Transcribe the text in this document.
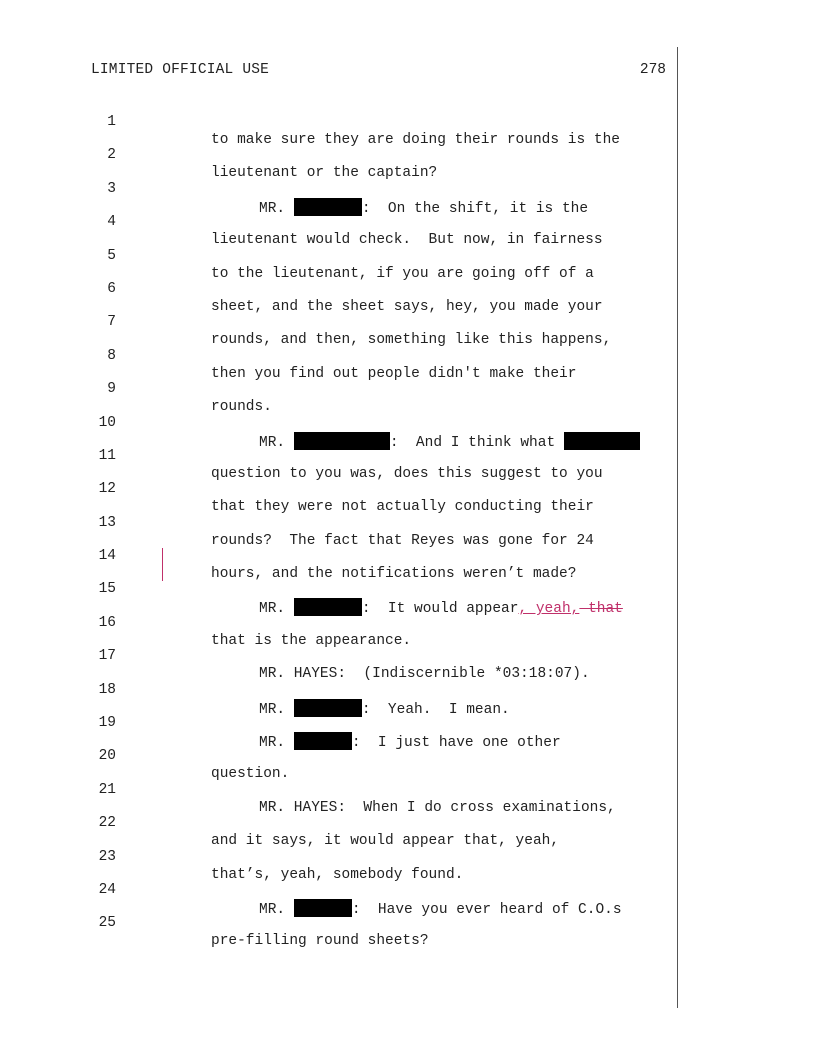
LIMITED OFFICIAL USE	278

1

to make sure they are doing their rounds is the

2

lieutenant or the captain?

3

MR.	:  On the shift, it is the

4

lieutenant would check.  But now, in fairness

5

to the lieutenant, if you are going off of a

6

sheet, and the sheet says, hey, you made your

7

rounds, and then, something like this happens,

8

then you find out people didn't make their

9

rounds.

10

MR.	:  And I think what

11

question to you was, does this suggest to you

12

that they were not actually conducting their

13

rounds?  The fact that Reyes was gone for 24

14

hours, and the notifications weren’t made?

15

MR.	:  It would appear, yeah, that

16

that is the appearance.

17

MR. HAYES:  (Indiscernible *03:18:07).

18

MR.	:  Yeah.  I mean.

19

MR.	:  I just have one other

20

question.

21

MR. HAYES:  When I do cross examinations,

22

and it says, it would appear that, yeah,

23

that’s, yeah, somebody found.

24

MR.	:  Have you ever heard of C.O.s

25

pre-filling round sheets?
